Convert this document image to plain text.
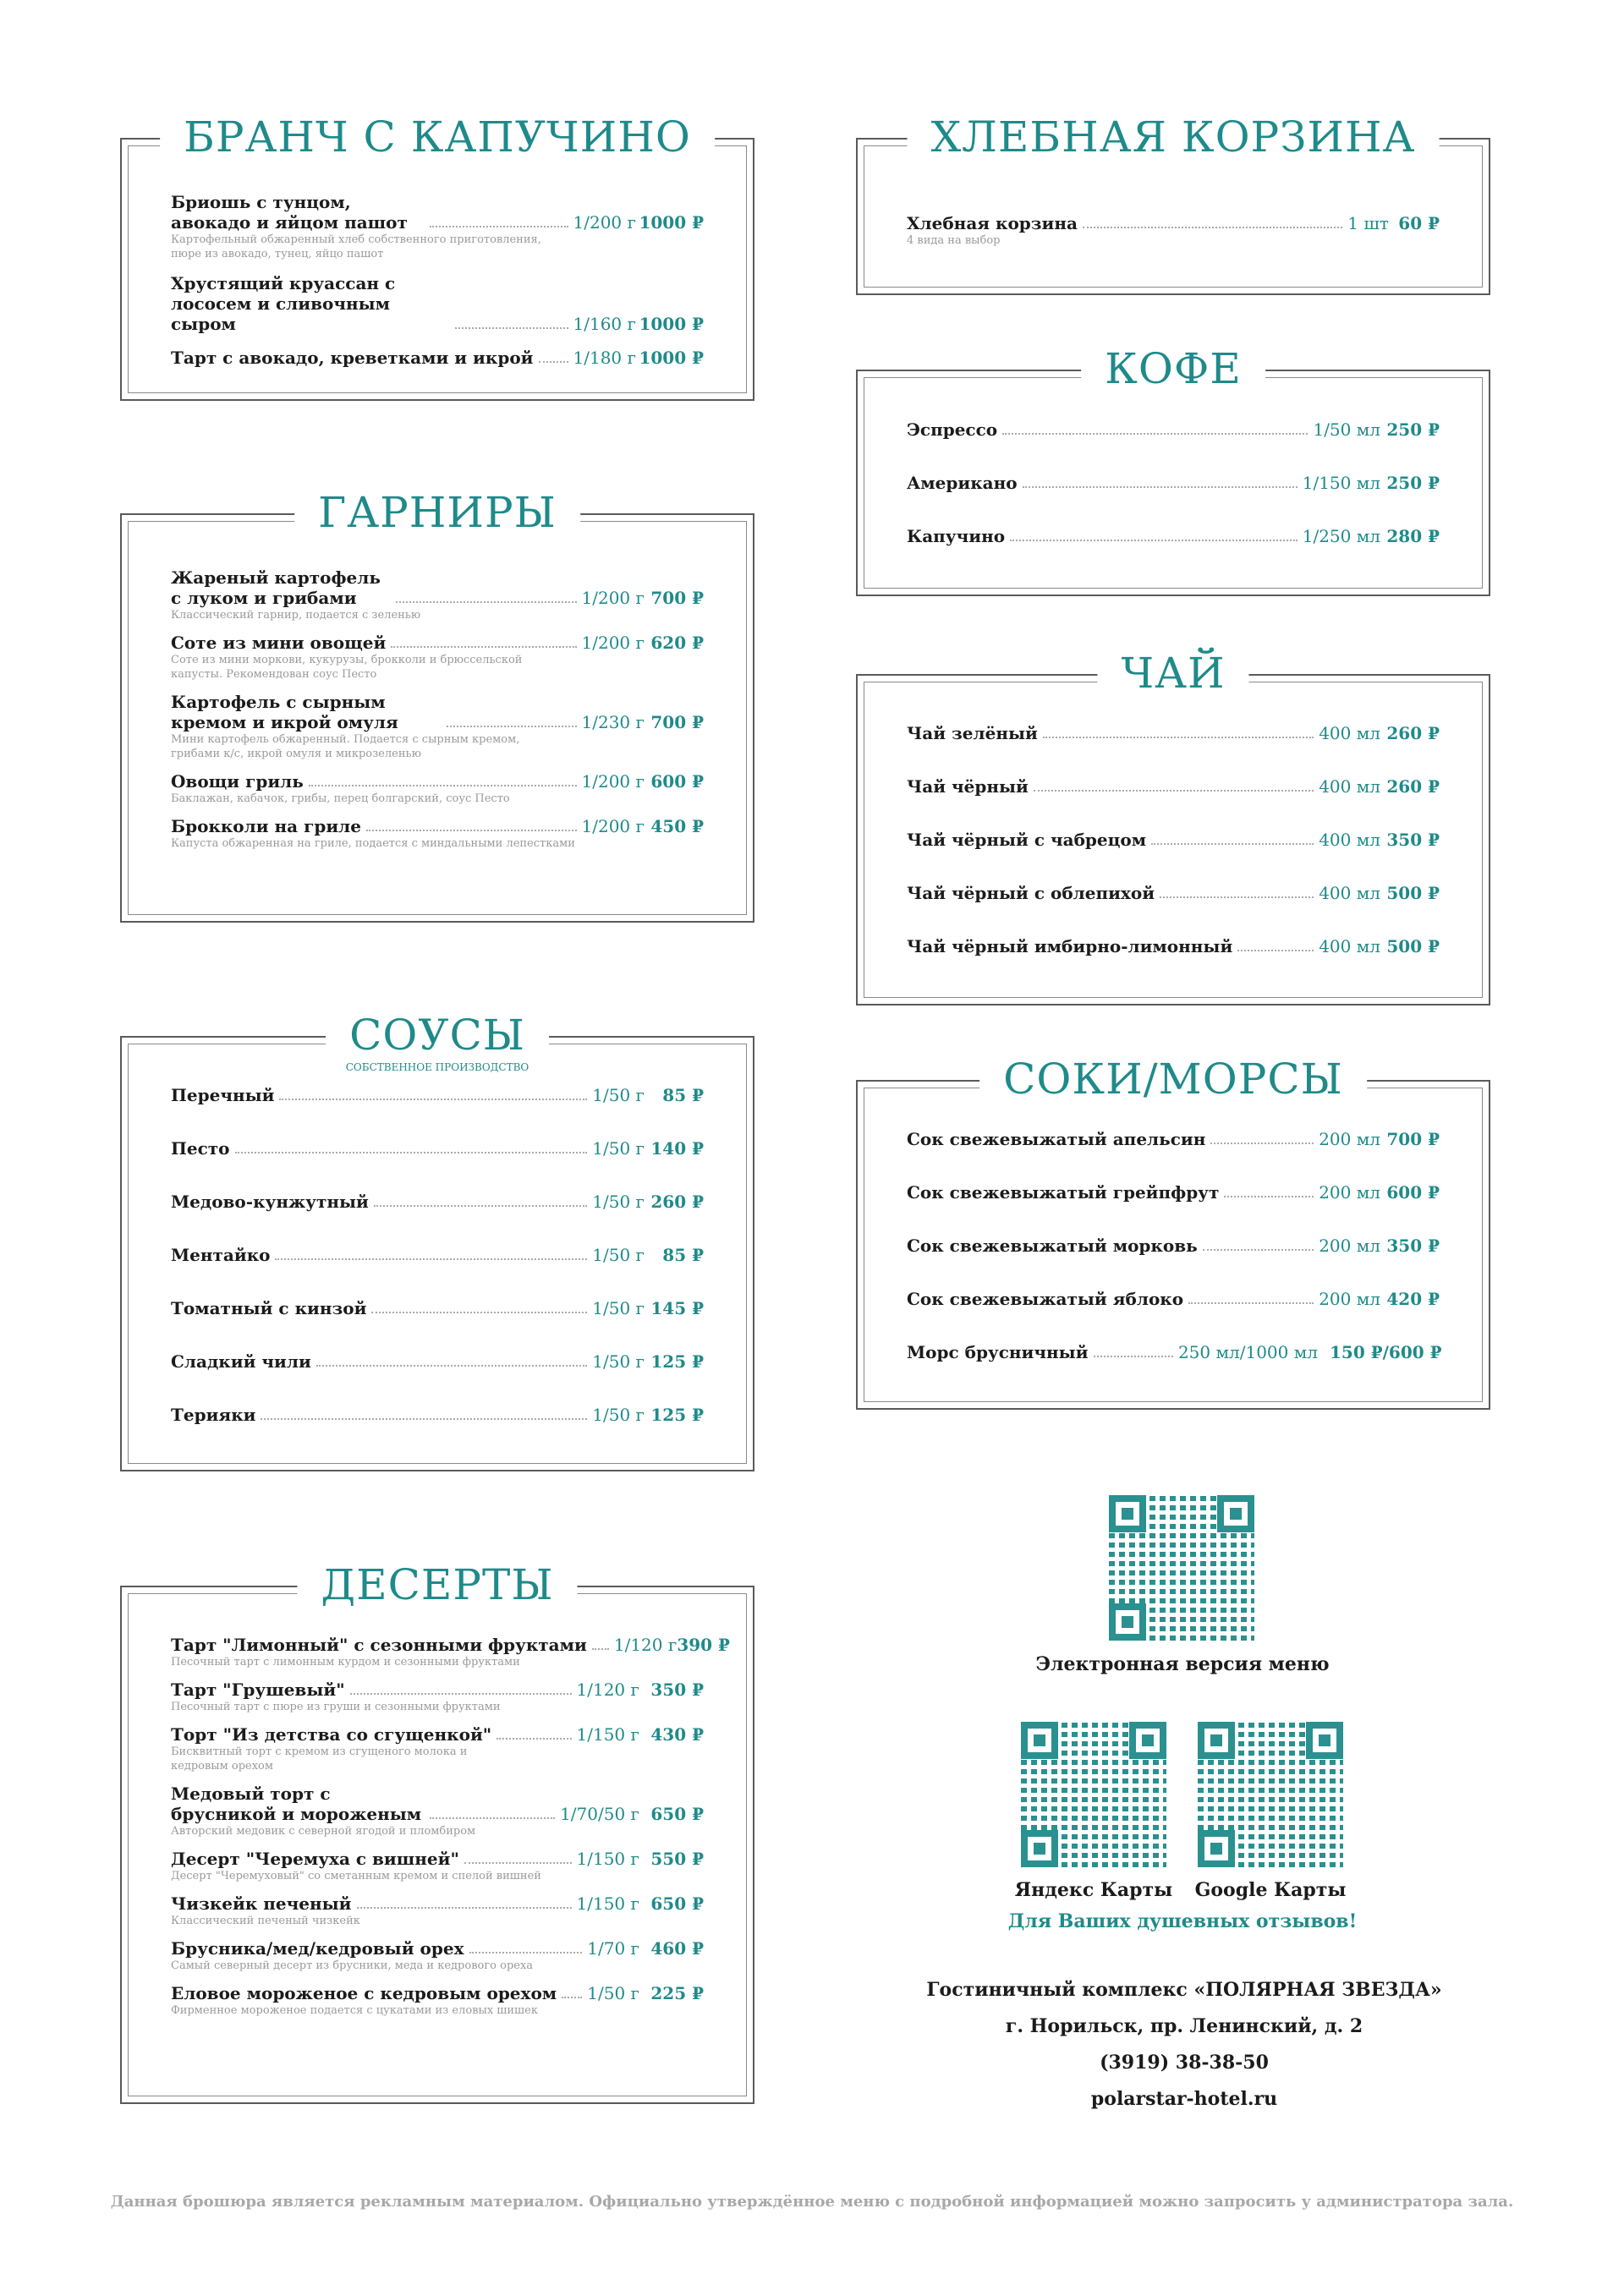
БРАНЧ С КАПУЧИНО
Бриошь с тунцом, авокадо и яйцом пашот	1/200 г 1000 ₽
Картофельный обжаренный хлеб собственного приготовления, пюре из авокадо, тунец, яйцо пашот
Хрустящий круассан с лососем и сливочным сыром	1/160 г 1000 ₽
Тарт с авокадо, креветками и икрой 1/180 г 1000 ₽
ХЛЕБНАЯ КОРЗИНА
Хлебная корзина	1 шт 60 ₽
4 вида на выбор
КОФЕ
Эспрессо	1/50 мл 250 ₽
Американо	1/150 мл 250 ₽
Капучино	1/250 мл 280 ₽
ГАРНИРЫ
Жареный картофель с луком и грибами	1/200 г 700 ₽
Классический гарнир, подается с зеленью
Соте из мини овощей	1/200 г 620 ₽
Соте из мини моркови, кукурузы, брокколи и брюссельской капусты. Рекомендован соус Песто
Картофель с сырным кремом и икрой омуля	1/230 г 700 ₽
Мини картофель обжаренный. Подается с сырным кремом, грибами к/с, икрой омуля и микрозеленью
Овощи гриль	1/200 г 600 ₽
Баклажан, кабачок, грибы, перец болгарский, соус Песто
Брокколи на гриле	1/200 г 450 ₽
Капуста обжаренная на гриле, подается с миндальными лепестками
ЧАЙ
Чай зелёный	400 мл 260 ₽
Чай чёрный	400 мл 260 ₽
Чай чёрный с чабрецом	400 мл 350 ₽
Чай чёрный с облепихой	400 мл 500 ₽
Чай чёрный имбирно-лимонный	400 мл 500 ₽
СОУСЫ
СОБСТВЕННОЕ ПРОИЗВОДСТВО
Перечный	1/50 г	85 ₽
Песто	1/50 г 140 ₽
Медово-кунжутный	1/50 г 260 ₽
Ментайко	1/50 г	85 ₽
Томатный с кинзой	1/50 г 145 ₽
Сладкий чили	1/50 г 125 ₽
Терияки	1/50 г 125 ₽
СОКИ/МОРСЫ
Сок свежевыжатый апельсин	200 мл 700 ₽
Сок свежевыжатый грейпфрут	200 мл 600 ₽
Сок свежевыжатый морковь	200 мл 350 ₽
Сок свежевыжатый яблоко	200 мл 420 ₽
Морс брусничный	250 мл/1000 мл 150 ₽/600 ₽
ДЕСЕРТЫ
Тарт "Лимонный" с сезонными фруктами 1/120 г 390 ₽
Песочный тарт с лимонным курдом и сезонными фруктами
Тарт "Грушевый"	1/120 г 350 ₽
Песочный тарт с пюре из груши и сезонными фруктами
Торт "Из детства со сгущенкой"	1/150 г 430 ₽
Бисквитный торт с кремом из сгущеного молока и кедровым орехом
Медовый торт с брусникой и мороженым	1/70/50 г 650 ₽
Авторский медовик с северной ягодой и пломбиром
Десерт "Черемуха с вишней"	1/150 г 550 ₽
Десерт "Черемуховый" со сметанным кремом и спелой вишней
Чизкейк печеный	1/150 г 650 ₽
Классический печеный чизкейк
Брусника/мед/кедровый орех	1/70 г 460 ₽
Самый северный десерт из брусники, меда и кедрового ореха
Еловое мороженое с кедровым орехом 1/50 г 225 ₽
Фирменное мороженое подается с цукатами из еловых шишек
Электронная версия меню
Яндекс Карты	Google Карты
Для Ваших душевных отзывов!
Гостиничный комплекс «ПОЛЯРНАЯ ЗВЕЗДА»
г. Норильск, пр. Ленинский, д. 2
(3919) 38-38-50
polarstar-hotel.ru
Данная брошюра является рекламным материалом. Официально утверждённое меню с подробной информацией можно запросить у администратора зала.
